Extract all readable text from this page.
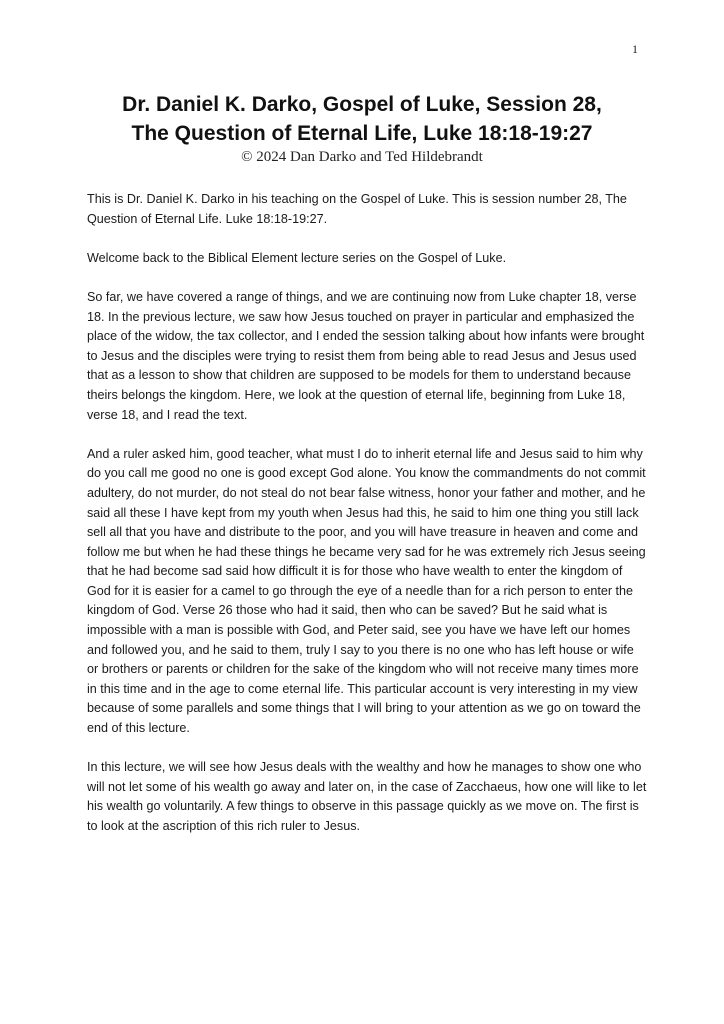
1

Dr. Daniel K. Darko, Gospel of Luke, Session 28,

The Question of Eternal Life, Luke 18:18-19:27

© 2024 Dan Darko and Ted Hildebrandt

This is Dr. Daniel K. Darko in his teaching on the Gospel of Luke. This is session number 28, The Question of Eternal Life. Luke 18:18-19:27.

Welcome back to the Biblical Element lecture series on the Gospel of Luke.

So far, we have covered a range of things, and we are continuing now from Luke chapter 18, verse 18. In the previous lecture, we saw how Jesus touched on prayer in particular and emphasized the place of the widow, the tax collector, and I ended the session talking about how infants were brought to Jesus and the disciples were trying to resist them from being able to read Jesus and Jesus used that as a lesson to show that children are supposed to be models for them to understand because theirs belongs the kingdom. Here, we look at the question of eternal life, beginning from Luke 18, verse 18, and I read the text.

And a ruler asked him, good teacher, what must I do to inherit eternal life and Jesus said to him why do you call me good no one is good except God alone. You know the commandments do not commit adultery, do not murder, do not steal do not bear false witness, honor your father and mother, and he said all these I have kept from my youth when Jesus had this, he said to him one thing you still lack sell all that you have and distribute to the poor, and you will have treasure in heaven and come and follow me but when he had these things he became very sad for he was extremely rich Jesus seeing that he had become sad said how difficult it is for those who have wealth to enter the kingdom of God for it is easier for a camel to go through the eye of a needle than for a rich person to enter the kingdom of God. Verse 26 those who had it said, then who can be saved? But he said what is impossible with a man is possible with God, and Peter said, see you have we have left our homes and followed you, and he said to them, truly I say to you there is no one who has left house or wife or brothers or parents or children for the sake of the kingdom who will not receive many times more in this time and in the age to come eternal life. This particular account is very interesting in my view because of some parallels and some things that I will bring to your attention as we go on toward the end of this lecture.

In this lecture, we will see how Jesus deals with the wealthy and how he manages to show one who will not let some of his wealth go away and later on, in the case of Zacchaeus, how one will like to let his wealth go voluntarily. A few things to observe in this passage quickly as we move on. The first is to look at the ascription of this rich ruler to Jesus.
